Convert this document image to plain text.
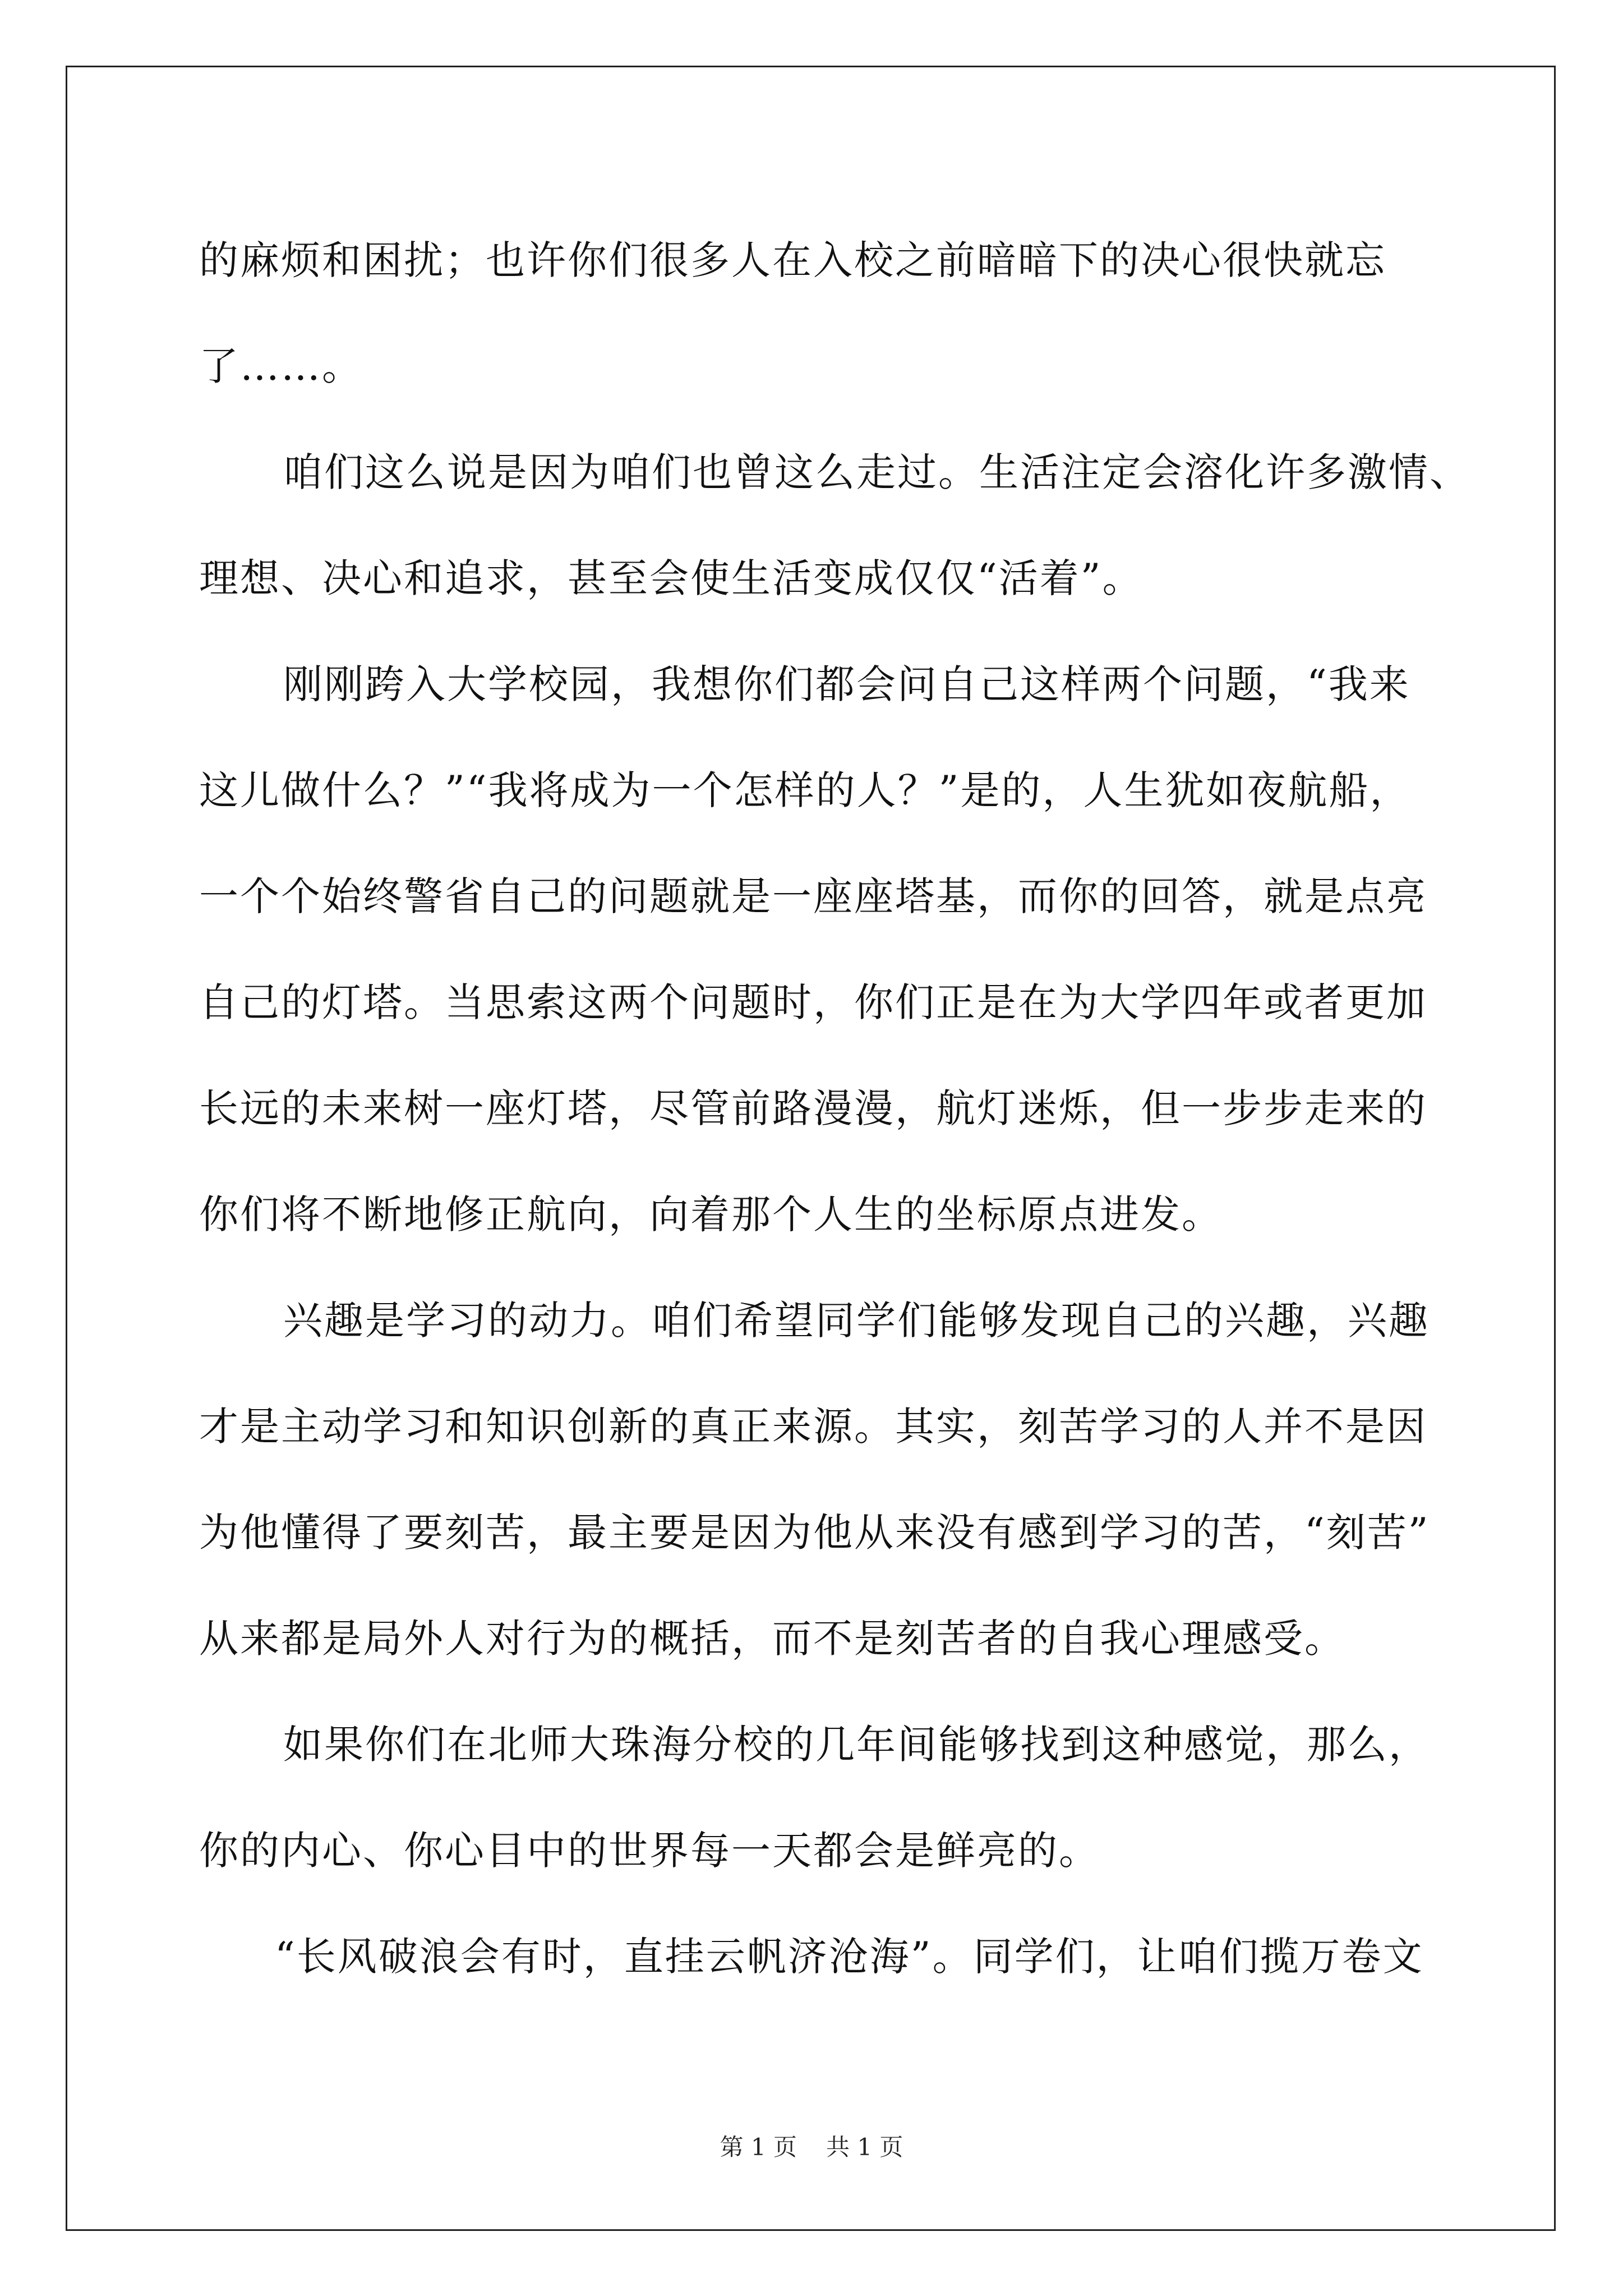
的麻烦和困扰；也许你们很多人在入校之前暗暗下的决心很快就忘
了……。
咱们这么说是因为咱们也曾这么走过。生活注定会溶化许多激情、
理想、决心和追求，甚至会使生活变成仅仅“活着”。
刚刚跨入大学校园，我想你们都会问自己这样两个问题，“我来
这儿做什么？”“我将成为一个怎样的人？”是的，人生犹如夜航船，
一个个始终警省自己的问题就是一座座塔基，而你的回答，就是点亮
自己的灯塔。当思索这两个问题时，你们正是在为大学四年或者更加
长远的未来树一座灯塔，尽管前路漫漫，航灯迷烁，但一步步走来的
你们将不断地修正航向，向着那个人生的坐标原点进发。
兴趣是学习的动力。咱们希望同学们能够发现自己的兴趣，兴趣
才是主动学习和知识创新的真正来源。其实，刻苦学习的人并不是因
为他懂得了要刻苦，最主要是因为他从来没有感到学习的苦，“刻苦”
从来都是局外人对行为的概括，而不是刻苦者的自我心理感受。
如果你们在北师大珠海分校的几年间能够找到这种感觉，那么，
你的内心、你心目中的世界每一天都会是鲜亮的。
“长风破浪会有时，直挂云帆济沧海”。同学们，让咱们揽万卷文
第 1 页 共 1 页
